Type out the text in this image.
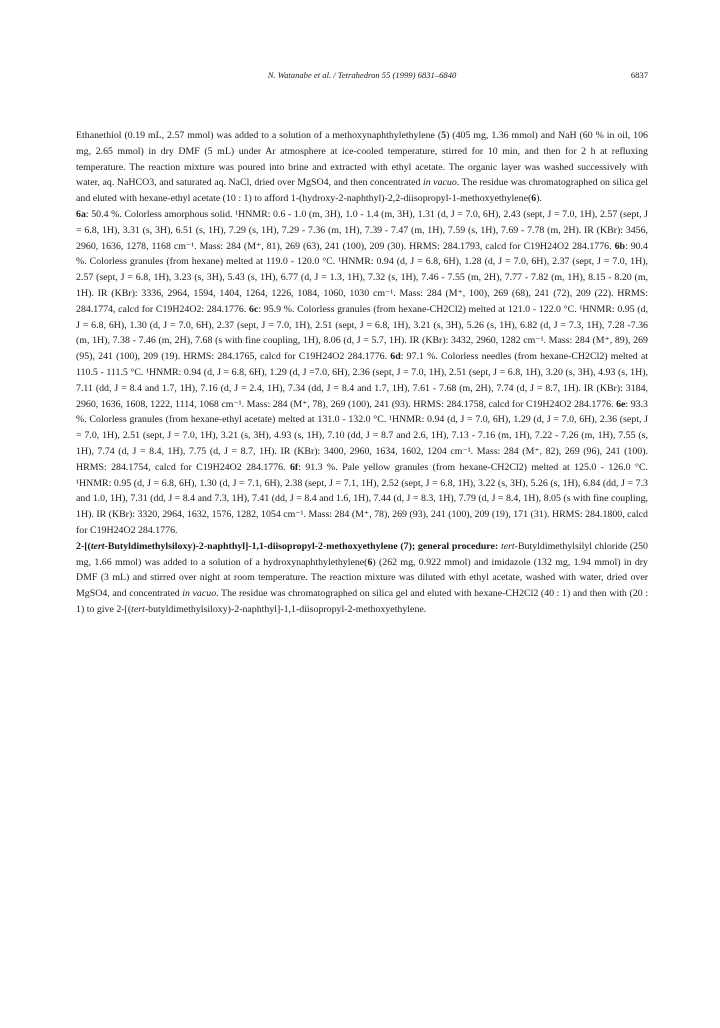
N. Watanabe et al. / Tetrahedron 55 (1999) 6831–6840	6837

Ethanethiol (0.19 mL, 2.57 mmol) was added to a solution of a methoxynaphthylethylene (5) (405 mg, 1.36 mmol) and NaH (60 % in oil, 106 mg, 2.65 mmol) in dry DMF (5 mL) under Ar atmosphere at ice-cooled temperature, stirred for 10 min, and then for 2 h at refluxing temperature. The reaction mixture was poured into brine and extracted with ethyl acetate. The organic layer was washed successively with water, aq. NaHCO3, and saturated aq. NaCl, dried over MgSO4, and then concentrated in vacuo. The residue was chromatographed on silica gel and eluted with hexane-ethyl acetate (10 : 1) to afford 1-(hydroxy-2-naphthyl)-2,2-diisopropyl-1-methoxyethylene(6).

6a: 50.4 %. Colorless amorphous solid. ¹HNMR: 0.6 - 1.0 (m, 3H), 1.0 - 1.4 (m, 3H), 1.31 (d, J = 7.0, 6H), 2.43 (sept, J = 7.0, 1H), 2.57 (sept, J = 6.8, 1H), 3.31 (s, 3H), 6.51 (s, 1H), 7.29 (s, 1H), 7.29 - 7.36 (m, 1H), 7.39 - 7.47 (m, 1H), 7.59 (s, 1H), 7.69 - 7.78 (m, 2H). IR (KBr): 3456, 2960, 1636, 1278, 1168 cm⁻¹. Mass: 284 (M⁺, 81), 269 (63), 241 (100), 209 (30). HRMS: 284.1793, calcd for C19H24O2 284.1776. 6b: 90.4 %. Colorless granules (from hexane) melted at 119.0 - 120.0 °C. ¹HNMR: 0.94 (d, J = 6.8, 6H), 1.28 (d, J = 7.0, 6H), 2.37 (sept, J = 7.0, 1H), 2.57 (sept, J = 6.8, 1H), 3.23 (s, 3H), 5.43 (s, 1H), 6.77 (d, J = 1.3, 1H), 7.32 (s, 1H), 7.46 - 7.55 (m, 2H), 7.77 - 7.82 (m, 1H), 8.15 - 8.20 (m, 1H). IR (KBr): 3336, 2964, 1594, 1404, 1264, 1226, 1084, 1060, 1030 cm⁻¹. Mass: 284 (M⁺, 100), 269 (68), 241 (72), 209 (22). HRMS: 284.1774, calcd for C19H24O2: 284.1776. 6c: 95.9 %. Colorless granules (from hexane-CH2Cl2) melted at 121.0 - 122.0 °C. ¹HNMR: 0.95 (d, J = 6.8, 6H), 1.30 (d, J = 7.0, 6H), 2.37 (sept, J = 7.0, 1H), 2.51 (sept, J = 6.8, 1H), 3.21 (s, 3H), 5.26 (s, 1H), 6.82 (d, J = 7.3, 1H), 7.28 -7.36 (m, 1H), 7.38 - 7.46 (m, 2H), 7.68 (s with fine coupling, 1H), 8.06 (d, J = 5.7, 1H). IR (KBr): 3432, 2960, 1282 cm⁻¹. Mass: 284 (M⁺, 89), 269 (95), 241 (100), 209 (19). HRMS: 284.1765, calcd for C19H24O2 284.1776. 6d: 97.1 %. Colorless needles (from hexane-CH2Cl2) melted at 110.5 - 111.5 °C. ¹HNMR: 0.94 (d, J = 6.8, 6H), 1.29 (d, J =7.0, 6H), 2.36 (sept, J = 7.0, 1H), 2.51 (sept, J = 6.8, 1H), 3.20 (s, 3H), 4.93 (s, 1H), 7.11 (dd, J = 8.4 and 1.7, 1H), 7.16 (d, J = 2.4, 1H), 7.34 (dd, J = 8.4 and 1.7, 1H), 7.61 - 7.68 (m, 2H), 7.74 (d, J = 8.7, 1H). IR (KBr): 3184, 2960, 1636, 1608, 1222, 1114, 1068 cm⁻¹. Mass: 284 (M⁺, 78), 269 (100), 241 (93). HRMS: 284.1758, calcd for C19H24O2 284.1776. 6e: 93.3 %. Colorless granules (from hexane-ethyl acetate) melted at 131.0 - 132.0 °C. ¹HNMR: 0.94 (d, J = 7.0, 6H), 1.29 (d, J = 7.0, 6H), 2.36 (sept, J = 7.0, 1H), 2.51 (sept, J = 7.0, 1H), 3.21 (s, 3H), 4.93 (s, 1H), 7.10 (dd, J = 8.7 and 2.6, 1H), 7.13 - 7.16 (m, 1H), 7.22 - 7.26 (m, 1H), 7.55 (s, 1H), 7.74 (d, J = 8.4, 1H), 7.75 (d, J = 8.7, 1H). IR (KBr): 3400, 2960, 1634, 1602, 1204 cm⁻¹. Mass: 284 (M⁺, 82), 269 (96), 241 (100). HRMS: 284.1754, calcd for C19H24O2 284.1776. 6f: 91.3 %. Pale yellow granules (from hexane-CH2Cl2) melted at 125.0 - 126.0 °C. ¹HNMR: 0.95 (d, J = 6.8, 6H), 1.30 (d, J = 7.1, 6H), 2.38 (sept, J = 7.1, 1H), 2.52 (sept, J = 6.8, 1H), 3.22 (s, 3H), 5.26 (s, 1H), 6.84 (dd, J = 7.3 and 1.0, 1H), 7.31 (dd, J = 8.4 and 7.3, 1H), 7.41 (dd, J = 8.4 and 1.6, 1H), 7.44 (d, J = 8.3, 1H), 7.79 (d, J = 8.4, 1H), 8.05 (s with fine coupling, 1H). IR (KBr): 3320, 2964, 1632, 1576, 1282, 1054 cm⁻¹. Mass: 284 (M⁺, 78), 269 (93), 241 (100), 209 (19), 171 (31). HRMS: 284.1800, calcd for C19H24O2 284.1776.

2-[(tert-Butyldimethylsiloxy)-2-naphthyl]-1,1-diisopropyl-2-methoxyethylene (7); general procedure: tert-Butyldimethylsilyl chloride (250 mg, 1.66 mmol) was added to a solution of a hydroxynaphthylethylene(6) (262 mg, 0.922 mmol) and imidazole (132 mg, 1.94 mmol) in dry DMF (3 mL) and stirred over night at room temperature. The reaction mixture was diluted with ethyl acetate, washed with water, dried over MgSO4, and concentrated in vacuo. The residue was chromatographed on silica gel and eluted with hexane-CH2Cl2 (40 : 1) and then with (20 : 1) to give 2-[(tert-butyldimethylsiloxy)-2-naphthyl]-1,1-diisopropyl-2-methoxyethylene.
